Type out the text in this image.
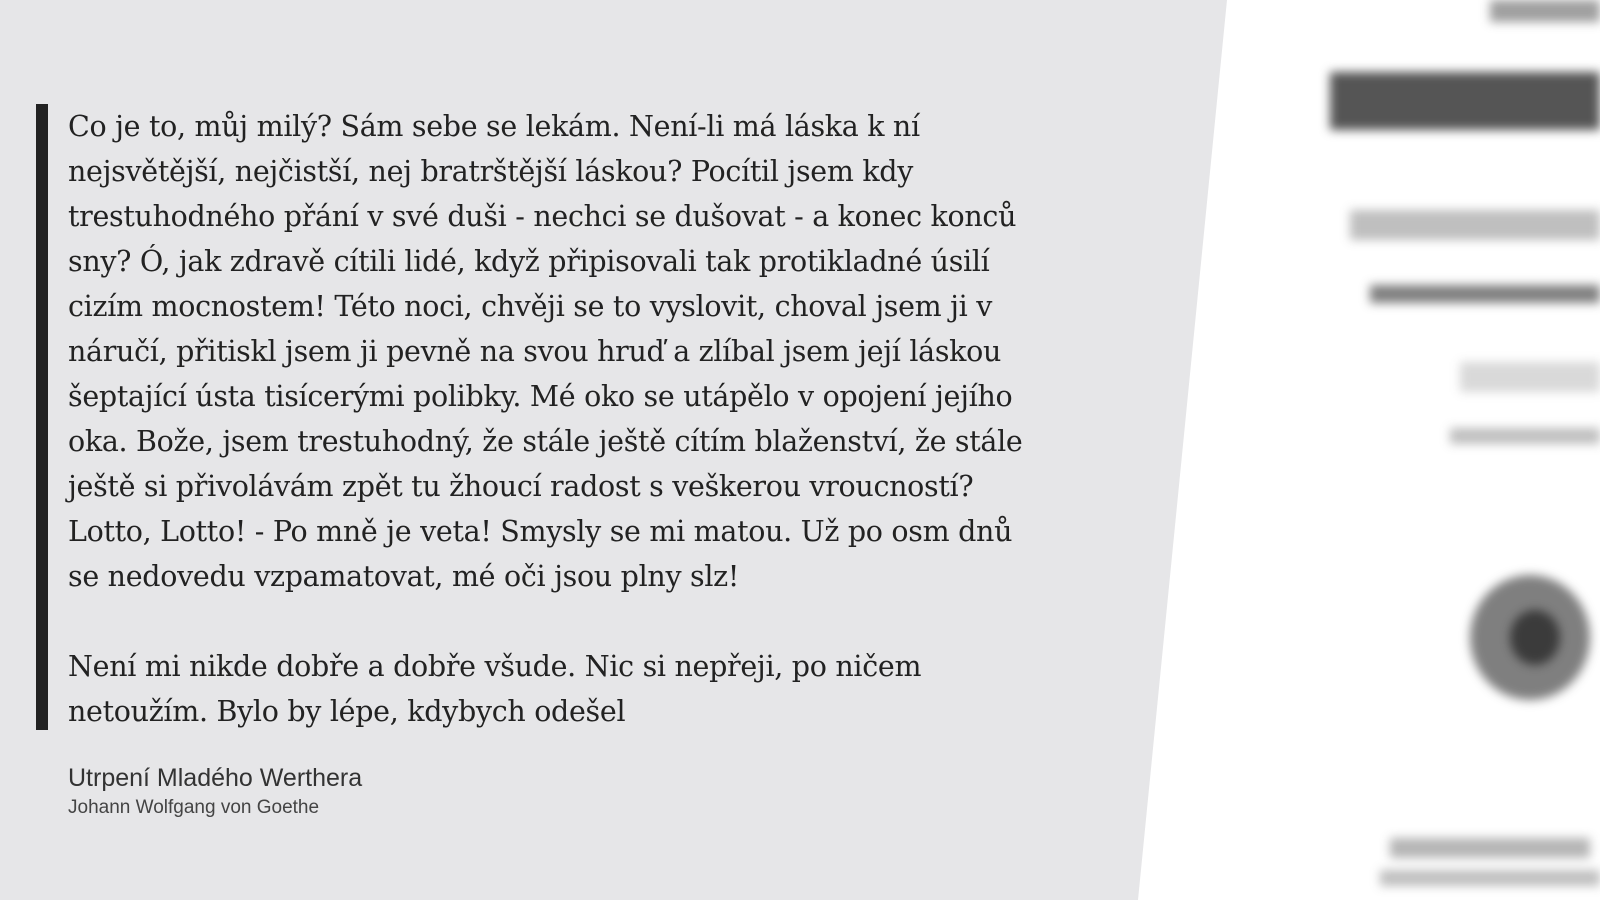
Co je to, můj milý? Sám sebe se lekám. Není-li má láska k ní nejsvětější, nejčistší, nej bratrštější láskou? Pocítil jsem kdy trestuhodného přání v své duši - nechci se dušovat - a konec konců sny? Ó, jak zdravě cítili lidé, když připisovali tak protikladné úsilí cizím mocnostem! Této noci, chvěji se to vyslovit, choval jsem ji v náručí, přitiskl jsem ji pevně na svou hruď a zlíbal jsem její láskou šeptající ústa tisícerými polibky. Mé oko se utápělo v opojení jejího oka. Bože, jsem trestuhodný, že stále ještě cítím blaženství, že stále ještě si přivolávám zpět tu žhoucí radost s veškerou vroucností? Lotto, Lotto! - Po mně je veta! Smysly se mi matou. Už po osm dnů se nedovedu vzpamatovat, mé oči jsou plny slz!

Není mi nikde dobře a dobře všude. Nic si nepřeji, po ničem netoužím. Bylo by lépe, kdybych odešel

Utrpení Mladého Werthera
Johann Wolfgang von Goethe
